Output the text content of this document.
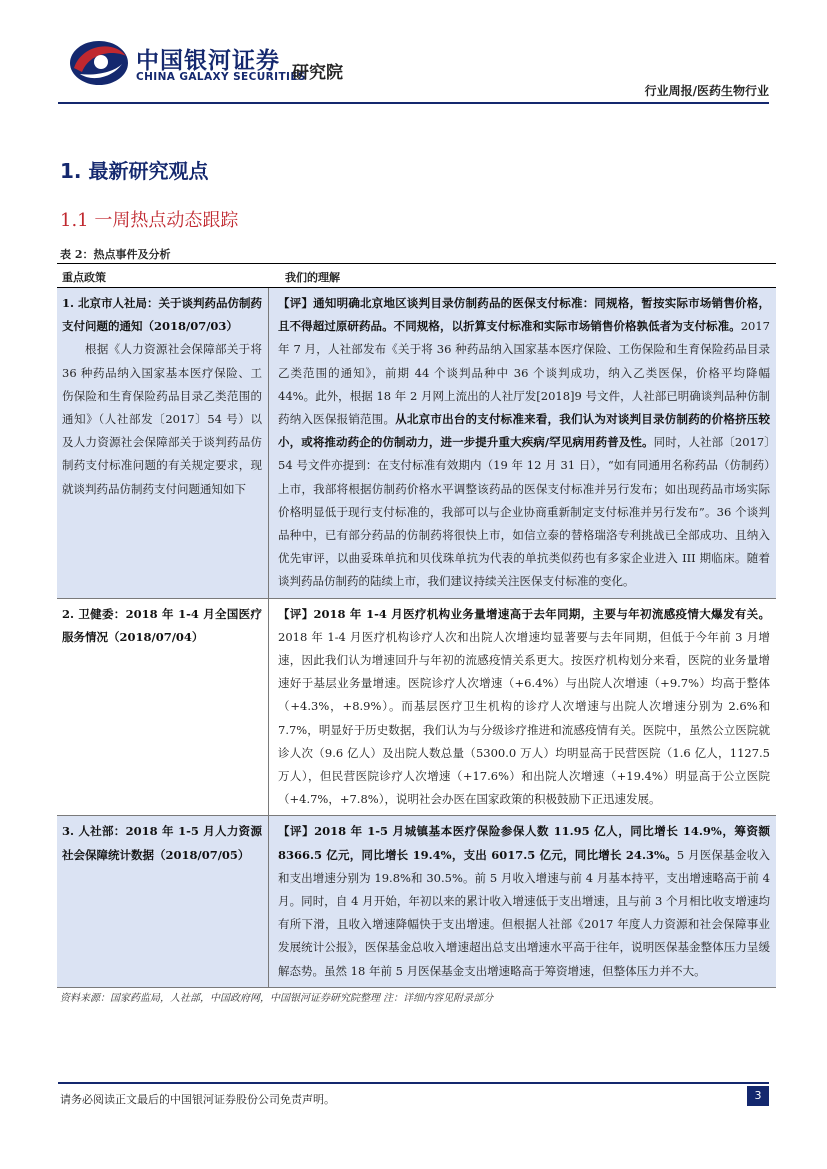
中国银河证券
CHINA GALAXY SECURITIES
研究院
行业周报/医药生物行业
1. 最新研究观点
1.1 一周热点动态跟踪
表 2：热点事件及分析
重点政策	我们的理解
1. 北京市人社局：关于谈判药品仿制药支付问题的通知（2018/07/03）
根据《人力资源社会保障部关于将 36 种药品纳入国家基本医疗保险、工伤保险和生育保险药品目录乙类范围的通知》（人社部发〔2017〕54 号）以及人力资源社会保障部关于谈判药品仿制药支付标准问题的有关规定要求，现就谈判药品仿制药支付问题通知如下
【评】通知明确北京地区谈判目录仿制药品的医保支付标准：同规格，暂按实际市场销售价格，且不得超过原研药品。不同规格，以折算支付标准和实际市场销售价格孰低者为支付标准。2017 年 7 月，人社部发布《关于将 36 种药品纳入国家基本医疗保险、工伤保险和生育保险药品目录乙类范围的通知》，前期 44 个谈判品种中 36 个谈判成功，纳入乙类医保，价格平均降幅 44%。此外，根据 18 年 2 月网上流出的人社厅发[2018]9 号文件，人社部已明确谈判品种仿制药纳入医保报销范围。从北京市出台的支付标准来看，我们认为对谈判目录仿制药的价格挤压较小，或将推动药企的仿制动力，进一步提升重大疾病/罕见病用药普及性。同时，人社部〔2017〕54 号文件亦提到：在支付标准有效期内（19 年 12 月 31 日），“如有同通用名称药品（仿制药）上市，我部将根据仿制药价格水平调整该药品的医保支付标准并另行发布；如出现药品市场实际价格明显低于现行支付标准的，我部可以与企业协商重新制定支付标准并另行发布”。36 个谈判品种中，已有部分药品的仿制药将很快上市，如信立泰的替格瑞洛专利挑战已全部成功、且纳入优先审评，以曲妥珠单抗和贝伐珠单抗为代表的单抗类似药也有多家企业进入 III 期临床。随着谈判药品仿制药的陆续上市，我们建议持续关注医保支付标准的变化。
2. 卫健委：2018 年 1-4 月全国医疗服务情况（2018/07/04）
【评】2018 年 1-4 月医疗机构业务量增速高于去年同期，主要与年初流感疫情大爆发有关。2018 年 1-4 月医疗机构诊疗人次和出院人次增速均显著要与去年同期，但低于今年前 3 月增速，因此我们认为增速回升与年初的流感疫情关系更大。按医疗机构划分来看，医院的业务量增速好于基层业务量增速。医院诊疗人次增速（+6.4%）与出院人次增速（+9.7%）均高于整体（+4.3%，+8.9%）。而基层医疗卫生机构的诊疗人次增速与出院人次增速分别为 2.6%和 7.7%，明显好于历史数据，我们认为与分级诊疗推进和流感疫情有关。医院中，虽然公立医院就诊人次（9.6 亿人）及出院人数总量（5300.0 万人）均明显高于民营医院（1.6 亿人，1127.5 万人），但民营医院诊疗人次增速（+17.6%）和出院人次增速（+19.4%）明显高于公立医院（+4.7%，+7.8%），说明社会办医在国家政策的积极鼓励下正迅速发展。
3. 人社部：2018 年 1-5 月人力资源社会保障统计数据（2018/07/05）
【评】2018 年 1-5 月城镇基本医疗保险参保人数 11.95 亿人，同比增长 14.9%，筹资额 8366.5 亿元，同比增长 19.4%，支出 6017.5 亿元，同比增长 24.3%。5 月医保基金收入和支出增速分别为 19.8%和 30.5%。前 5 月收入增速与前 4 月基本持平，支出增速略高于前 4 月。同时，自 4 月开始，年初以来的累计收入增速低于支出增速，且与前 3 个月相比收支增速均有所下滑，且收入增速降幅快于支出增速。但根据人社部《2017 年度人力资源和社会保障事业发展统计公报》，医保基金总收入增速超出总支出增速水平高于往年，说明医保基金整体压力呈缓解态势。虽然 18 年前 5 月医保基金支出增速略高于筹资增速，但整体压力并不大。
资料来源：国家药监局，人社部，中国政府网，中国银河证券研究院整理 注：详细内容见附录部分
请务必阅读正文最后的中国银河证券股份公司免责声明。	3
